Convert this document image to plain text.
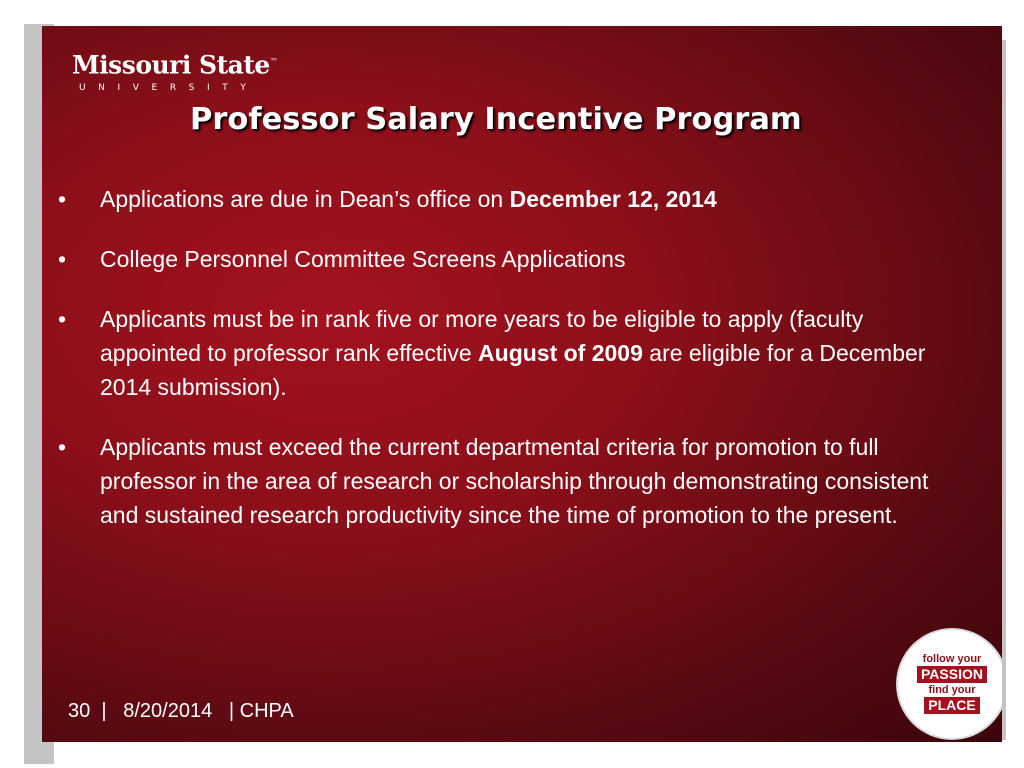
Missouri State™
UNIVERSITY
Professor Salary Incentive Program
•	Applications are due in Dean’s office on December 12, 2014
•	College Personnel Committee Screens Applications
•	Applicants must be in rank five or more years to be eligible to apply (faculty appointed to professor rank effective August of 2009 are eligible for a December 2014 submission).
•	Applicants must exceed the current departmental criteria for promotion to full professor in the area of research or scholarship through demonstrating consistent and sustained research productivity since the time of promotion to the present.
30 | 8/20/2014 | CHPA
follow your
PASSION
find your
PLACE
